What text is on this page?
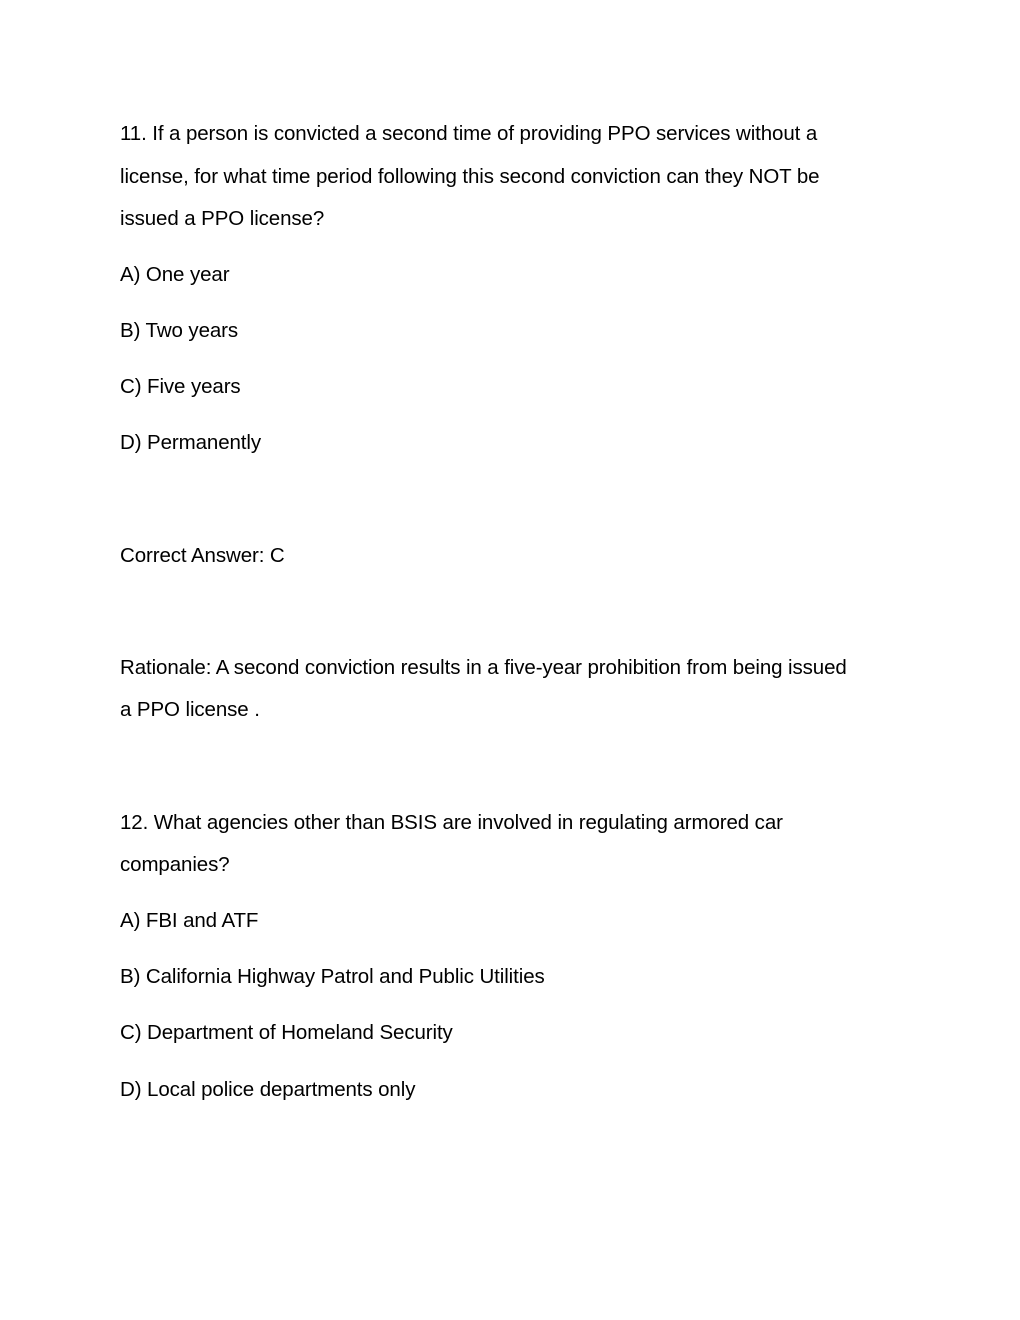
11. If a person is convicted a second time of providing PPO services without a
license, for what time period following this second conviction can they NOT be
issued a PPO license?
A) One year
B) Two years
C) Five years
D) Permanently
Correct Answer: C
Rationale: A second conviction results in a five-year prohibition from being issued
a PPO license .
12. What agencies other than BSIS are involved in regulating armored car
companies?
A) FBI and ATF
B) California Highway Patrol and Public Utilities
C) Department of Homeland Security
D) Local police departments only
